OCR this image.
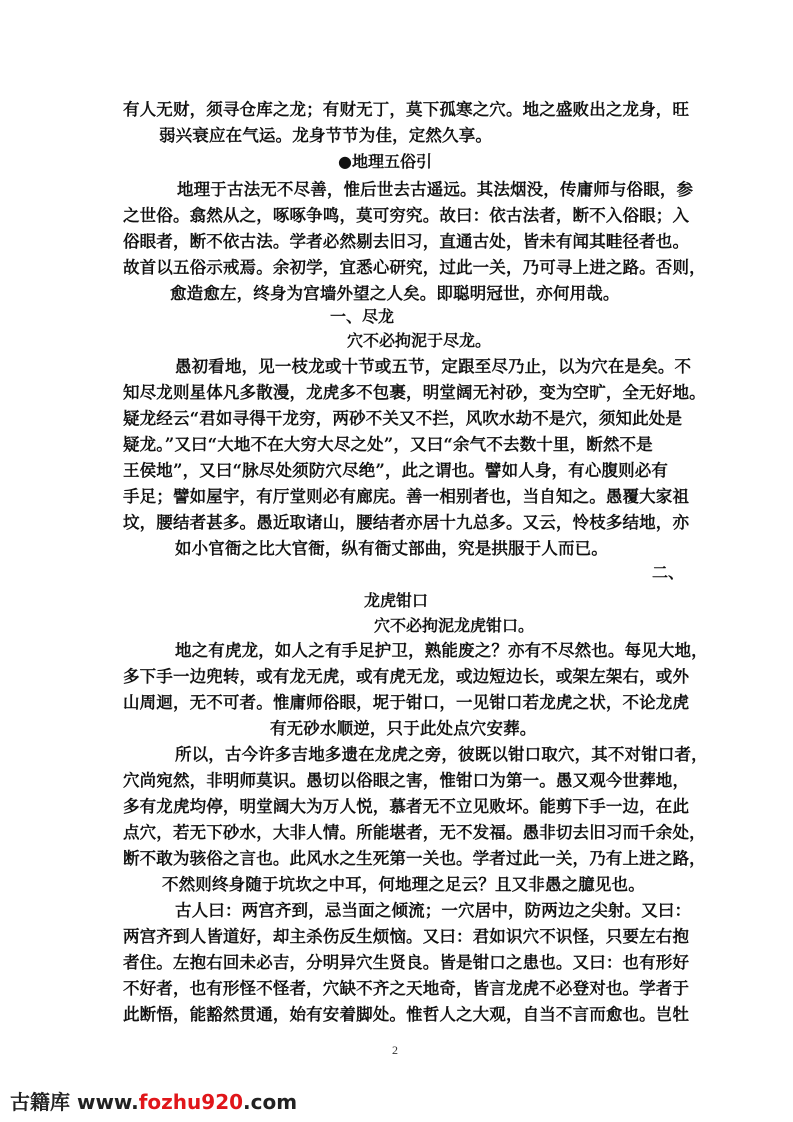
有人无财，须寻仓库之龙；有财无丁，莫下孤寒之穴。地之盛败出之龙身，旺
弱兴衰应在气运。龙身节节为佳，定然久享。
●地理五俗引
地理于古法无不尽善，惟后世去古遥远。其法烟没，传庸师与俗眼，参
之世俗。翕然从之，啄啄争鸣，莫可穷究。故曰：依古法者，断不入俗眼；入
俗眼者，断不依古法。学者必然剔去旧习，直通古处，皆未有闻其畦径者也。
故首以五俗示戒焉。余初学，宜悉心研究，过此一关，乃可寻上进之路。否则，
愈造愈左，终身为宫墙外望之人矣。即聪明冠世，亦何用哉。
一、尽龙
穴不必拘泥于尽龙。
愚初看地，见一枝龙或十节或五节，定跟至尽乃止，以为穴在是矣。不
知尽龙则星体凡多散漫，龙虎多不包裹，明堂阔无衬砂，变为空旷，全无好地。
疑龙经云“君如寻得干龙穷，两砂不关又不拦，风吹水劫不是穴，须知此处是
疑龙。”又曰“大地不在大穷大尽之处”，又曰“余气不去数十里，断然不是
王侯地”，又曰“脉尽处须防穴尽绝”，此之谓也。譬如人身，有心腹则必有
手足；譬如屋宇，有厅堂则必有廊庑。善一相别者也，当自知之。愚覆大家祖
坟，腰结者甚多。愚近取诸山，腰结者亦居十九总多。又云，怜枝多结地，亦
如小官衙之比大官衙，纵有衙丈部曲，究是拱服于人而已。
二、
龙虎钳口
穴不必拘泥龙虎钳口。
地之有虎龙，如人之有手足护卫，熟能废之？亦有不尽然也。每见大地，
多下手一边兜转，或有龙无虎，或有虎无龙，或边短边长，或架左架右，或外
山周迴，无不可者。惟庸师俗眼，坭于钳口，一见钳口若龙虎之状，不论龙虎
有无砂水顺逆，只于此处点穴安葬。
所以，古今许多吉地多遗在龙虎之旁，彼既以钳口取穴，其不对钳口者，
穴尚宛然，非明师莫识。愚切以俗眼之害，惟钳口为第一。愚又观今世葬地，
多有龙虎均停，明堂阔大为万人悦，慕者无不立见败坏。能剪下手一边，在此
点穴，若无下砂水，大非人情。所能堪者，无不发福。愚非切去旧习而千余处，
断不敢为骇俗之言也。此风水之生死第一关也。学者过此一关，乃有上进之路，
不然则终身随于坑坎之中耳，何地理之足云？且又非愚之臆见也。
古人曰：两宫齐到，忌当面之倾流；一穴居中，防两边之尖射。又曰：
两宫齐到人皆道好，却主杀伤反生烦恼。又曰：君如识穴不识怪，只要左右抱
者住。左抱右回未必吉，分明异穴生贤良。皆是钳口之患也。又曰：也有形好
不好者，也有形怪不怪者，穴缺不齐之天地奇，皆言龙虎不必登对也。学者于
此断悟，能豁然贯通，始有安着脚处。惟哲人之大观，自当不言而愈也。岂牡
2
古籍库 www.fozhu920.com
